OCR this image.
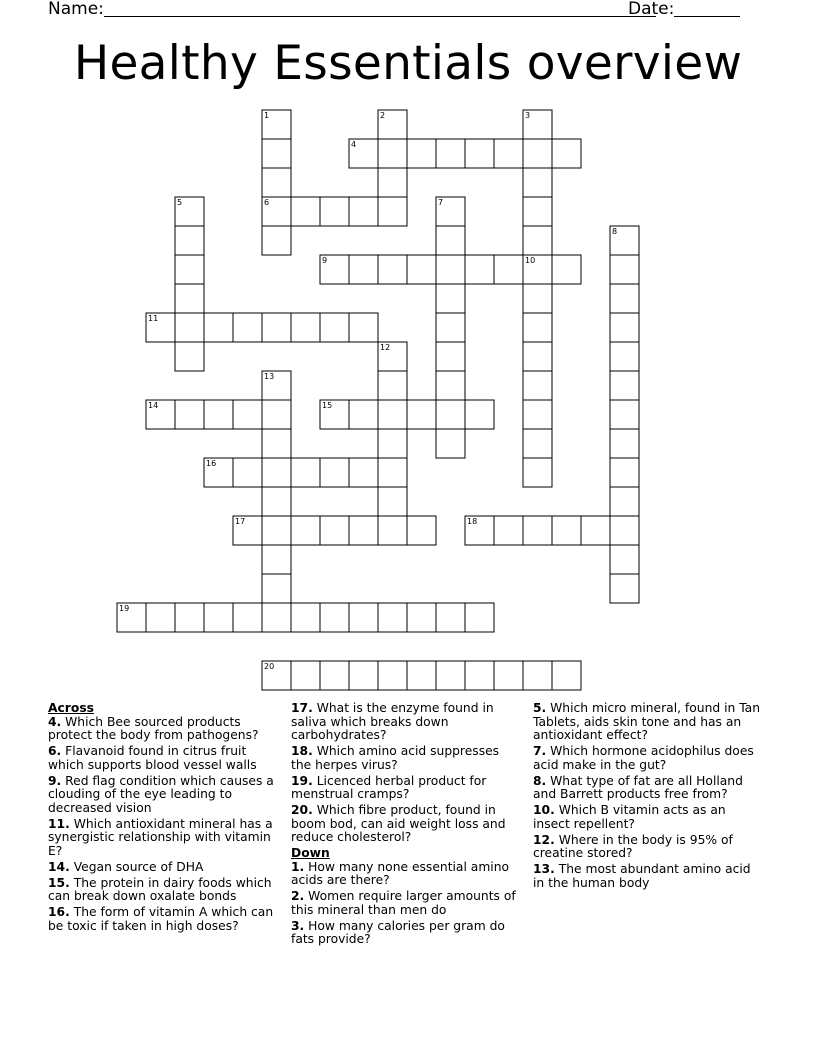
Name:	Date:
Healthy Essentials overview
1	2	3
4
5	6	7
8
9	10
11
12
13
14	15
16
17	18
19
20
Across
4. Which Bee sourced products protect the body from pathogens?
6. Flavanoid found in citrus fruit which supports blood vessel walls
9. Red flag condition which causes a clouding of the eye leading to decreased vision
11. Which antioxidant mineral has a synergistic relationship with vitamin E?
14. Vegan source of DHA
15. The protein in dairy foods which can break down oxalate bonds
16. The form of vitamin A which can be toxic if taken in high doses?
17. What is the enzyme found in saliva which breaks down carbohydrates?
18. Which amino acid suppresses the herpes virus?
19. Licenced herbal product for menstrual cramps?
20. Which fibre product, found in boom bod, can aid weight loss and reduce cholesterol?
Down
1. How many none essential amino acids are there?
2. Women require larger amounts of this mineral than men do
3. How many calories per gram do fats provide?
5. Which micro mineral, found in Tan Tablets, aids skin tone and has an antioxidant effect?
7. Which hormone acidophilus does acid make in the gut?
8. What type of fat are all Holland and Barrett products free from?
10. Which B vitamin acts as an insect repellent?
12. Where in the body is 95% of creatine stored?
13. The most abundant amino acid in the human body
